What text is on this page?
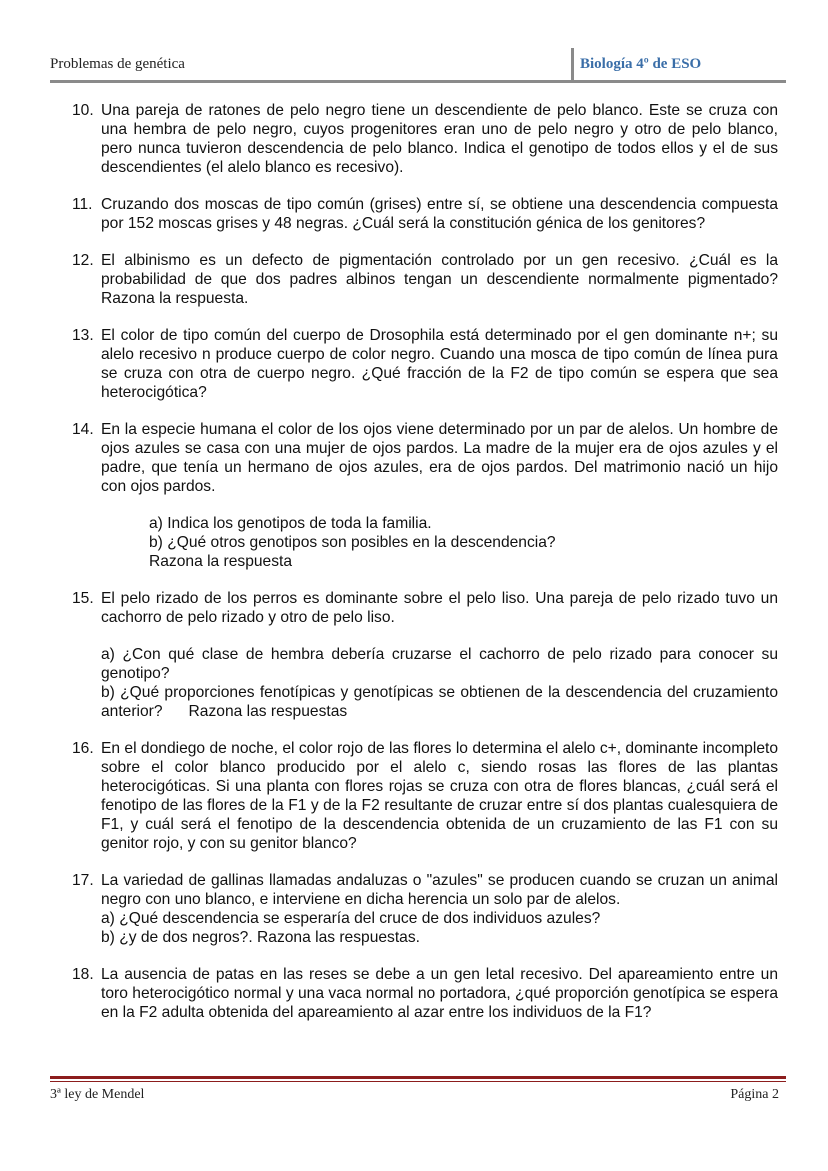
Problemas de genética	Biología 4º de ESO
10. Una pareja de ratones de pelo negro tiene un descendiente de pelo blanco. Este se cruza con una hembra de pelo negro, cuyos progenitores eran uno de pelo negro y otro de pelo blanco, pero nunca tuvieron descendencia de pelo blanco. Indica el genotipo de todos ellos y el de sus descendientes (el alelo blanco es recesivo).
11. Cruzando dos moscas de tipo común (grises) entre sí, se obtiene una descendencia compuesta por 152 moscas grises y 48 negras. ¿Cuál será la constitución génica de los genitores?
12. El albinismo es un defecto de pigmentación controlado por un gen recesivo. ¿Cuál es la probabilidad de que dos padres albinos tengan un descendiente normalmente pigmentado? Razona la respuesta.
13. El color de tipo común del cuerpo de Drosophila está determinado por el gen dominante n+; su alelo recesivo n produce cuerpo de color negro. Cuando una mosca de tipo común de línea pura se cruza con otra de cuerpo negro. ¿Qué fracción de la F2 de tipo común se espera que sea heterocigótica?
14. En la especie humana el color de los ojos viene determinado por un par de alelos. Un hombre de ojos azules se casa con una mujer de ojos pardos. La madre de la mujer era de ojos azules y el padre, que tenía un hermano de ojos azules, era de ojos pardos. Del matrimonio nació un hijo con ojos pardos.
a) Indica los genotipos de toda la familia.
b) ¿Qué otros genotipos son posibles en la descendencia?
Razona la respuesta
15. El pelo rizado de los perros es dominante sobre el pelo liso. Una pareja de pelo rizado tuvo un cachorro de pelo rizado y otro de pelo liso.
a) ¿Con qué clase de hembra debería cruzarse el cachorro de pelo rizado para conocer su genotipo?
b) ¿Qué proporciones fenotípicas y genotípicas se obtienen de la descendencia del cruzamiento anterior?      Razona las respuestas
16. En el dondiego de noche, el color rojo de las flores lo determina el alelo c+, dominante incompleto sobre el color blanco producido por el alelo c, siendo rosas las flores de las plantas heterocigóticas. Si una planta con flores rojas se cruza con otra de flores blancas, ¿cuál será el fenotipo de las flores de la F1 y de la F2 resultante de cruzar entre sí dos plantas cualesquiera de F1, y cuál será el fenotipo de la descendencia obtenida de un cruzamiento de las F1 con su genitor rojo, y con su genitor blanco?
17. La variedad de gallinas llamadas andaluzas o "azules" se producen cuando se cruzan un animal negro con uno blanco, e interviene en dicha herencia un solo par de alelos.
a) ¿Qué descendencia se esperaría del cruce de dos individuos azules?
b) ¿y de dos negros?. Razona las respuestas.
18. La ausencia de patas en las reses se debe a un gen letal recesivo. Del apareamiento entre un toro heterocigótico normal y una vaca normal no portadora, ¿qué proporción genotípica se espera en la F2 adulta obtenida del apareamiento al azar entre los individuos de la F1?
3ª ley de Mendel	Página 2
